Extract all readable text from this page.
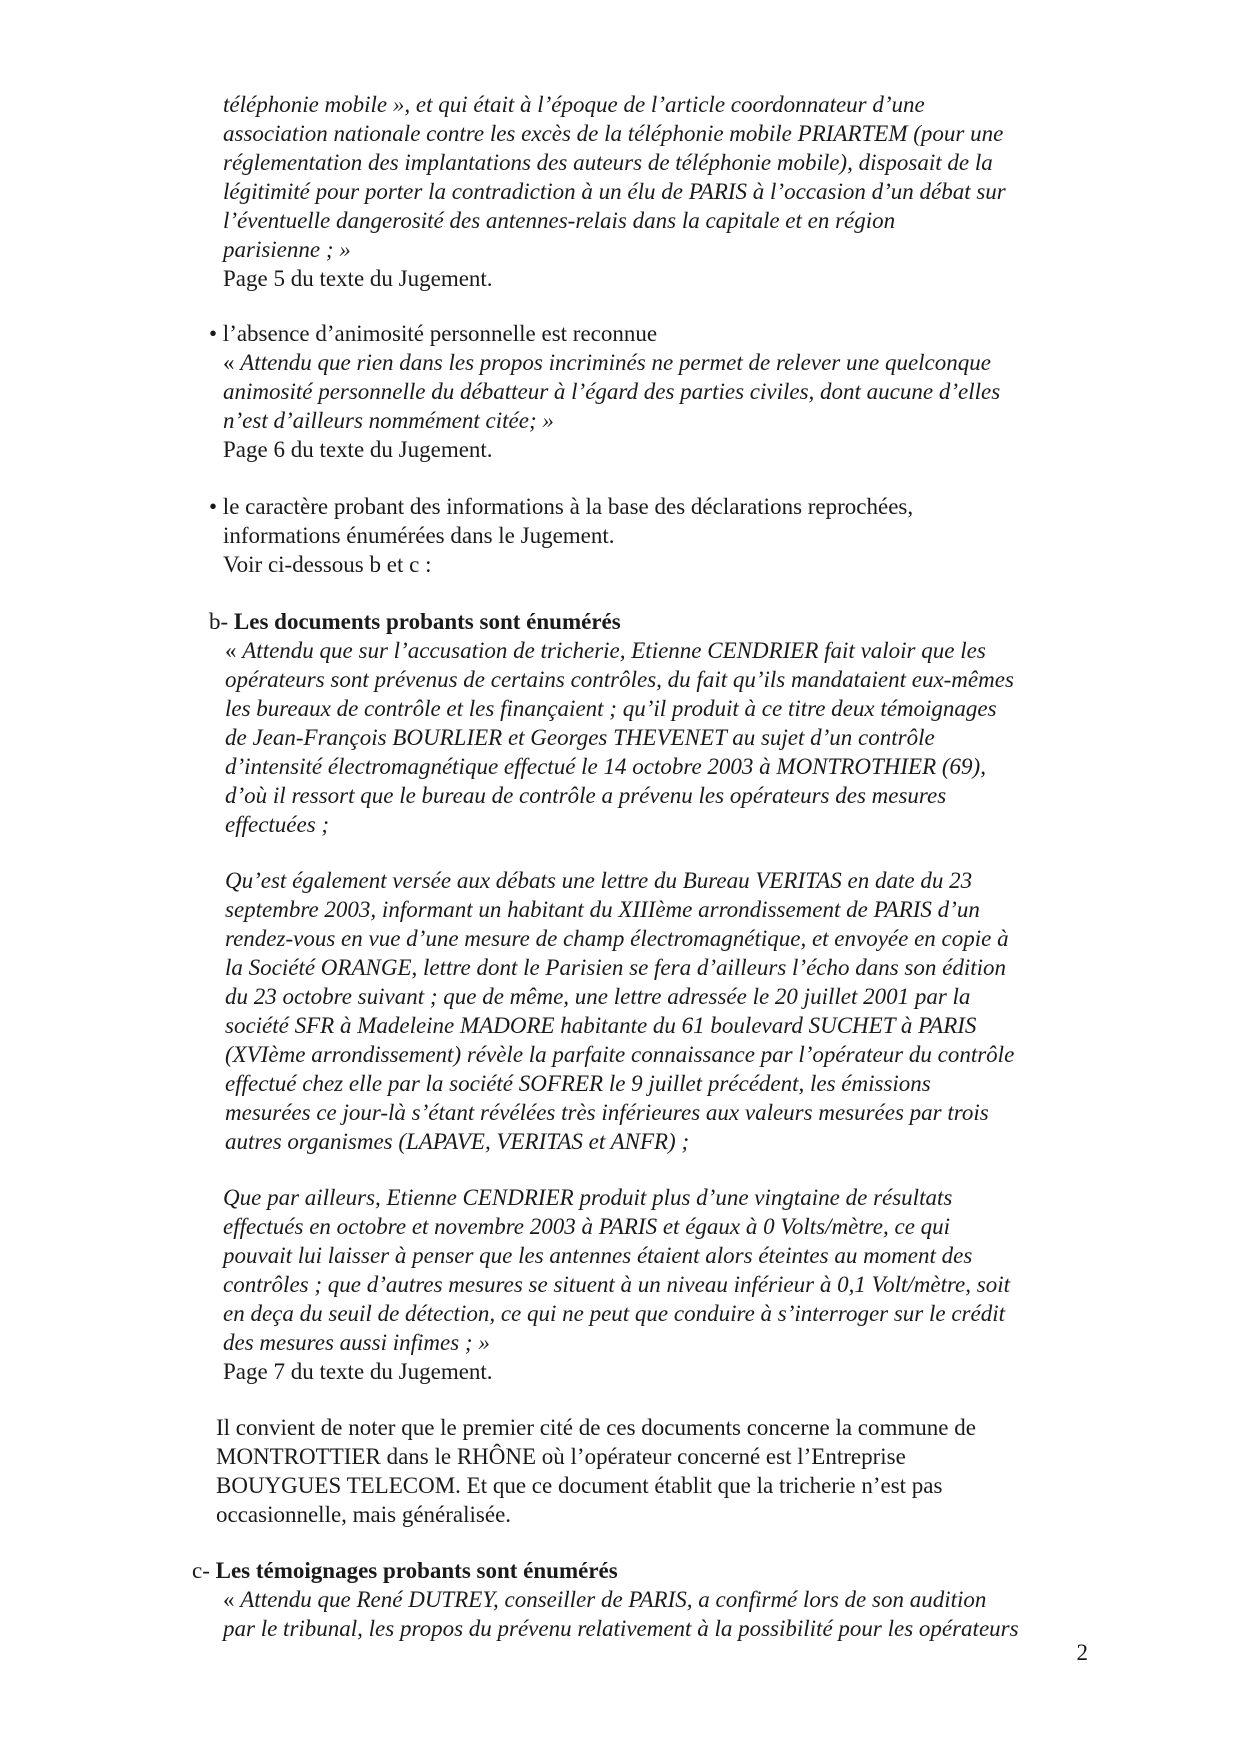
téléphonie mobile », et qui était à l’époque de l’article coordonnateur d’une
association nationale contre les excès de la téléphonie mobile PRIARTEM (pour une
réglementation des implantations des auteurs de téléphonie mobile), disposait de la
légitimité pour porter la contradiction à un élu de PARIS à l’occasion d’un débat sur
l’éventuelle dangerosité des antennes-relais dans la capitale et en région
parisienne ; »
Page 5 du texte du Jugement.
• l’absence d’animosité personnelle est reconnue
« Attendu que rien dans les propos incriminés ne permet de relever une quelconque
animosité personnelle du débatteur à l’égard des parties civiles, dont aucune d’elles
n’est d’ailleurs nommément citée; »
Page 6 du texte du Jugement.
• le caractère probant des informations à la base des déclarations reprochées,
informations énumérées dans le Jugement.
Voir ci-dessous b et c :
b- Les documents probants sont énumérés
« Attendu que sur l’accusation de tricherie, Etienne CENDRIER fait valoir que les
opérateurs sont prévenus de certains contrôles, du fait qu’ils mandataient eux-mêmes
les bureaux de contrôle et les finançaient ; qu’il produit à ce titre deux témoignages
de Jean-François BOURLIER et Georges THEVENET au sujet d’un contrôle
d’intensité électromagnétique effectué le 14 octobre 2003 à MONTROTHIER (69),
d’où il ressort que le bureau de contrôle a prévenu les opérateurs des mesures
effectuées ;
Qu’est également versée aux débats une lettre du Bureau VERITAS en date du 23
septembre 2003, informant un habitant du XIIIème arrondissement de PARIS d’un
rendez-vous en vue d’une mesure de champ électromagnétique, et envoyée en copie à
la Société ORANGE, lettre dont le Parisien se fera d’ailleurs l’écho dans son édition
du 23 octobre suivant ; que de même, une lettre adressée le 20 juillet 2001 par la
société SFR à Madeleine MADORE habitante du 61 boulevard SUCHET à PARIS
(XVIème arrondissement) révèle la parfaite connaissance par l’opérateur du contrôle
effectué chez elle par la société SOFRER le 9 juillet précédent, les émissions
mesurées ce jour-là s’étant révélées très inférieures aux valeurs mesurées par trois
autres organismes (LAPAVE, VERITAS et ANFR) ;
Que par ailleurs, Etienne CENDRIER produit plus d’une vingtaine de résultats
effectués en octobre et novembre 2003 à PARIS et égaux à 0 Volts/mètre, ce qui
pouvait lui laisser à penser que les antennes étaient alors éteintes au moment des
contrôles ; que d’autres mesures se situent à un niveau inférieur à 0,1 Volt/mètre, soit
en deça du seuil de détection, ce qui ne peut que conduire à s’interroger sur le crédit
des mesures aussi infimes ; »
Page 7 du texte du Jugement.
Il convient de noter que le premier cité de ces documents concerne la commune de
MONTROTTIER dans le RHÔNE où l’opérateur concerné est l’Entreprise
BOUYGUES TELECOM. Et que ce document établit que la tricherie n’est pas
occasionnelle, mais généralisée.
c- Les témoignages probants sont énumérés
« Attendu que René DUTREY, conseiller de PARIS, a confirmé lors de son audition
par le tribunal, les propos du prévenu relativement à la possibilité pour les opérateurs
2
